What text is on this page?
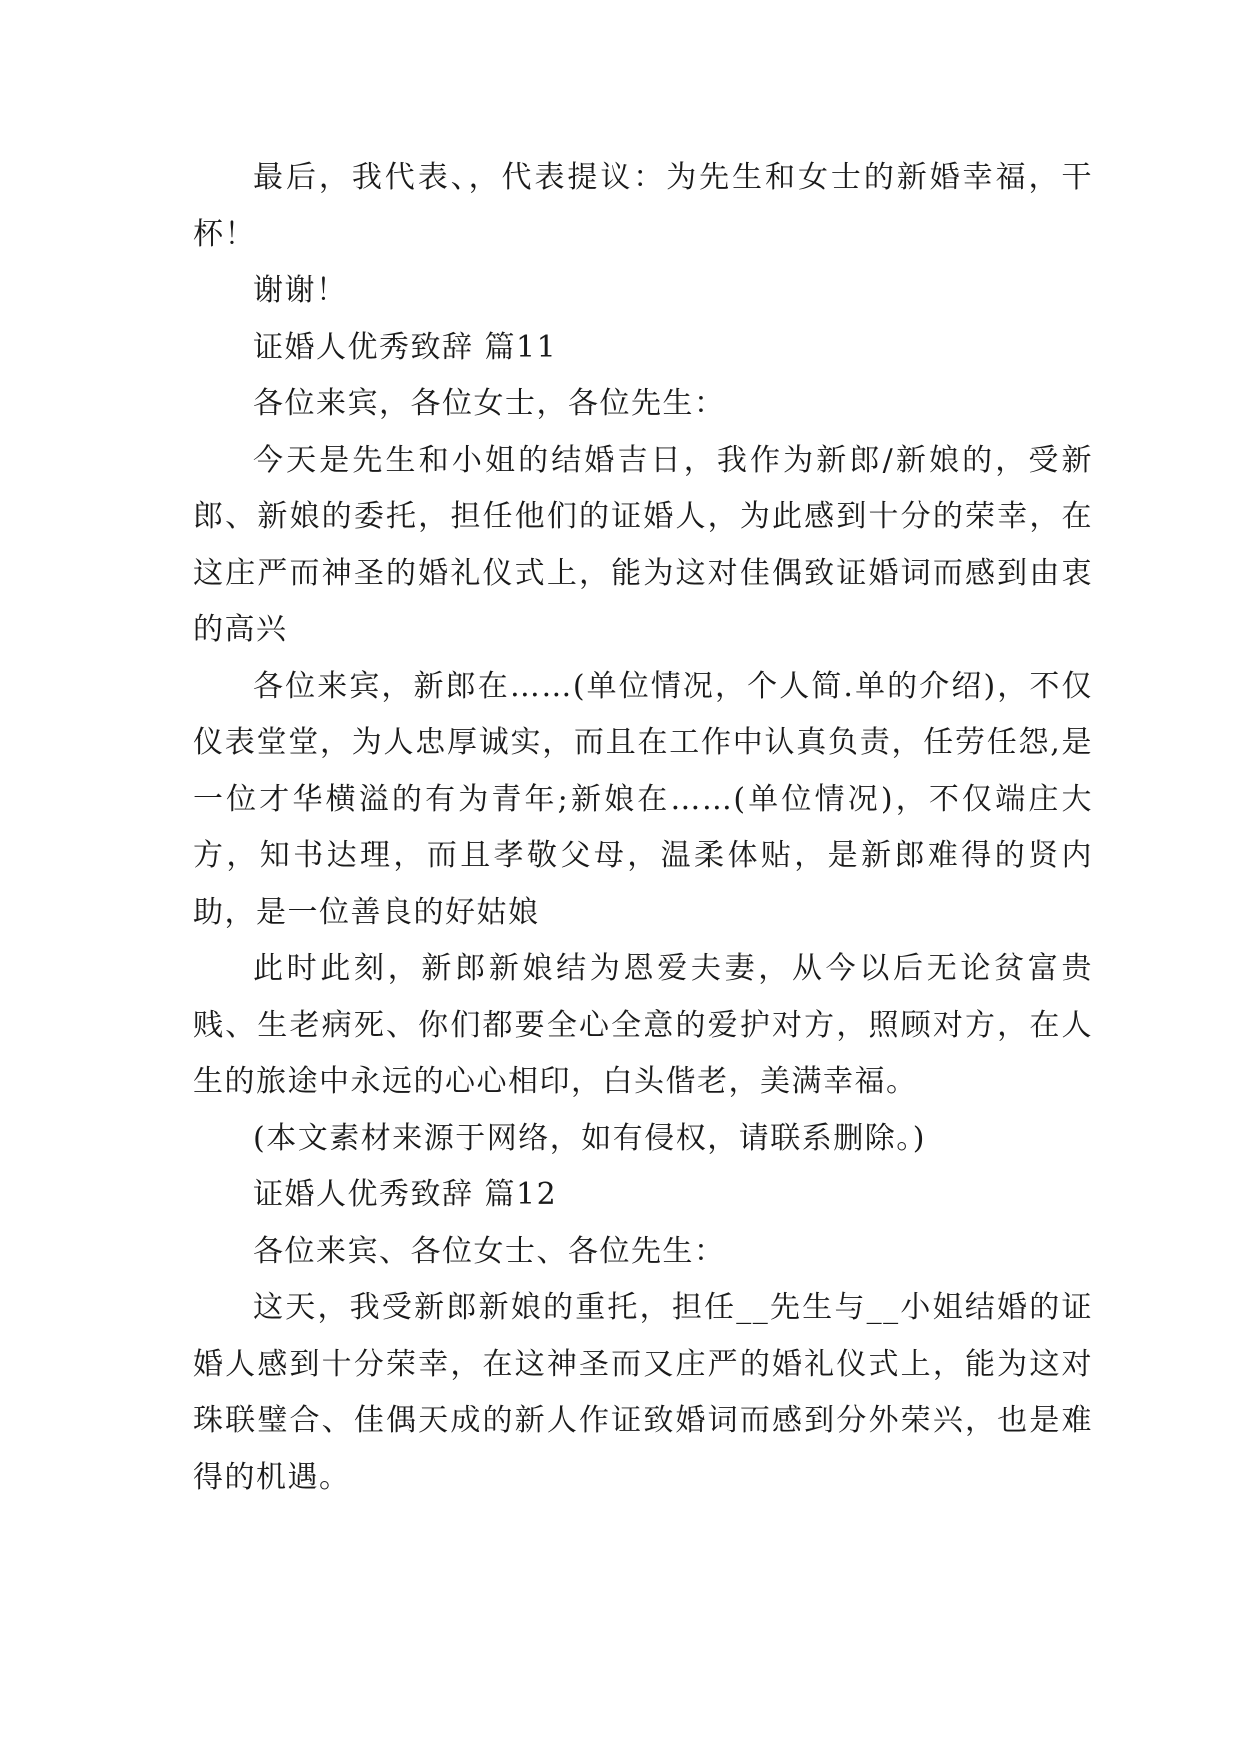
最后，我代表、，代表提议：为先生和女士的新婚幸福，干杯！

谢谢！

证婚人优秀致辞 篇11

各位来宾，各位女士，各位先生：

今天是先生和小姐的结婚吉日，我作为新郎/新娘的，受新郎、新娘的委托，担任他们的证婚人，为此感到十分的荣幸，在这庄严而神圣的婚礼仪式上，能为这对佳偶致证婚词而感到由衷的高兴

各位来宾，新郎在……(单位情况，个人简.单的介绍)，不仅仪表堂堂，为人忠厚诚实，而且在工作中认真负责，任劳任怨,是一位才华横溢的有为青年;新娘在……(单位情况)，不仅端庄大方，知书达理，而且孝敬父母，温柔体贴，是新郎难得的贤内助，是一位善良的好姑娘

此时此刻，新郎新娘结为恩爱夫妻，从今以后无论贫富贵贱、生老病死、你们都要全心全意的爱护对方，照顾对方，在人生的旅途中永远的心心相印，白头偕老，美满幸福。

(本文素材来源于网络，如有侵权，请联系删除。)

证婚人优秀致辞 篇12

各位来宾、各位女士、各位先生：

这天，我受新郎新娘的重托，担任__先生与__小姐结婚的证婚人感到十分荣幸，在这神圣而又庄严的婚礼仪式上，能为这对珠联璧合、佳偶天成的新人作证致婚词而感到分外荣兴，也是难得的机遇。
